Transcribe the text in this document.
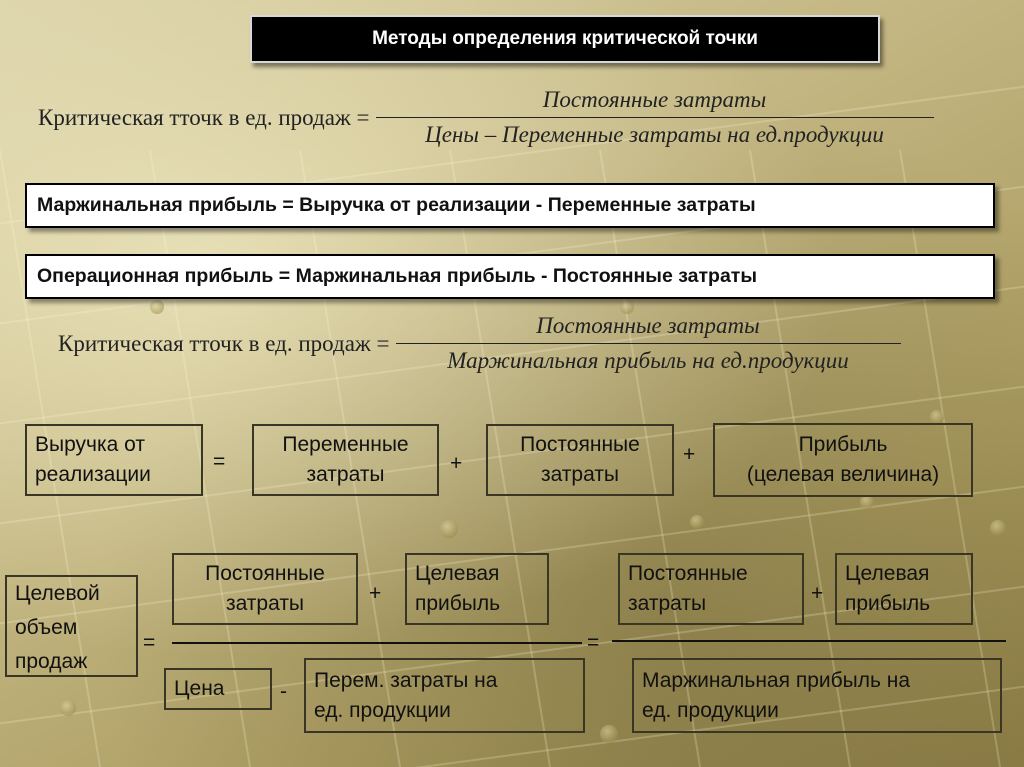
Методы определения критической точки
Критическая тточк в ед. продаж = $\frac{\text{Постоянные затраты}}{\text{Цены – Переменные затраты на ед.продукции}}$
Маржинальная прибыль = Выручка от реализации - Переменные затраты
Операционная прибыль = Маржинальная прибыль - Постоянные затраты
Критическая тточк в ед. продаж = $\frac{\text{Постоянные затраты}}{\text{Маржинальная прибыль на ед.продукции}}$
Выручка от
реализации
=
Переменные
затраты	+
Постоянные
затраты
+	Прибыль
(целевая величина)
Целевой
объем
продаж
=
Постоянные
затраты	+
Целевая
прибыль
Цена	- Перем. затраты на
ед. продукции
=
Постоянные
затраты	+
Целевая
прибыль
Маржинальная прибыль на
ед. продукции
